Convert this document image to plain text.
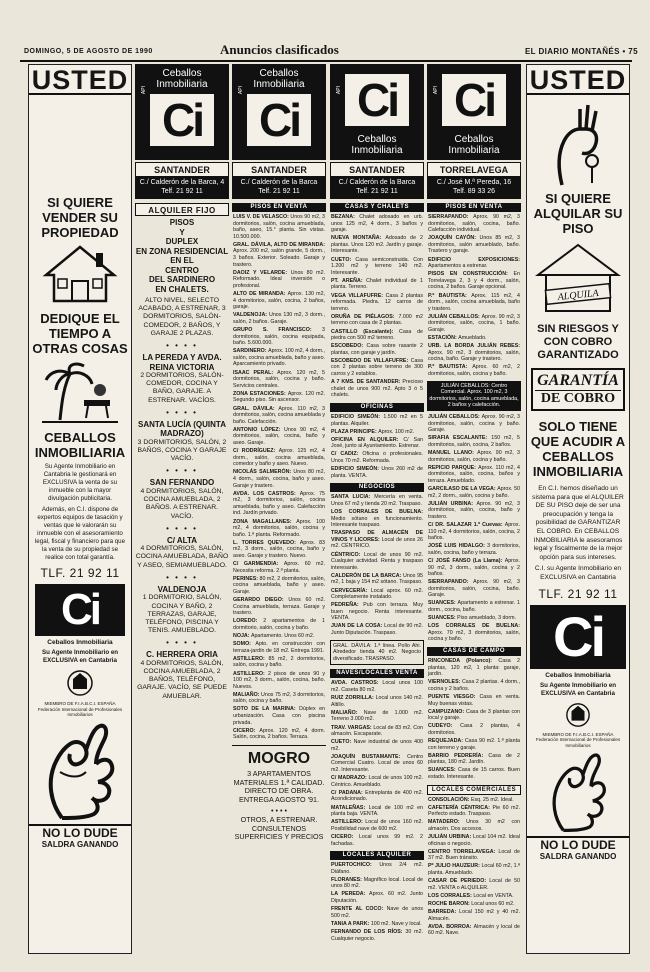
DOMINGO, 5 DE AGOSTO DE 1990	Anuncios clasificados	EL DIARIO MONTAÑÉS • 75
USTED
SI QUIERE VENDER SU PROPIEDAD
DEDIQUE EL TIEMPO A OTRAS COSAS
CEBALLOS INMOBILIARIA
Su Agente Inmobiliario en Cantabria le gestionará en EXCLUSIVA la venta de su inmueble con la mayor divulgación publicitaria.
Además, en C.I. dispone de expertos equipos de tasación y ventas que le valorarán su inmueble con el asesoramiento legal, fiscal y financiero para que la venta de su propiedad se realice con total garantía.
TLF. 21 92 11
Ci
Ceballos Inmobiliaria
Su Agente Inmobiliario en EXCLUSIVA en Cantabria
MIEMBRO DE F.I.A.B.C.I. ESPAÑA Federación Internacional de Profesionales Inmobiliarios
NO LO DUDE
SALDRA GANANDO
USTED
SI QUIERE ALQUILAR SU PISO
ALQUILA
SIN RIESGOS Y CON COBRO GARANTIZADO
GARANTÍA
DE COBRO
SOLO TIENE QUE ACUDIR A CEBALLOS INMOBILIARIA
En C.I. hemos diseñado un sistema para que el ALQUILER DE SU PISO deje de ser una preocupación y tenga la posibilidad de GARANTIZAR EL COBRO. En CEBALLOS INMOBILIARIA le asesoramos legal y fiscalmente de la mejor opción para sus intereses.
C.I. su Agente Inmobiliario en EXCLUSIVA en Cantabria
TLF. 21 92 11
Ci
Ceballos Inmobiliaria
Su Agente Inmobiliario en EXCLUSIVA en Cantabria
MIEMBRO DE F.I.A.B.C.I. ESPAÑA Federación Internacional de Profesionales Inmobiliarios
NO LO DUDE
SALDRA GANANDO
Ceballos
Inmobiliaria
Ci
API
SANTANDER
C./ Calderón de la Barca, 4 Telf. 21 92 11
ALQUILER FIJO
PISOS
Y
DUPLEX
EN ZONA RESIDENCIAL
EN EL
CENTRO
DEL SARDINERO
EN CHALETS.
ALTO NIVEL, SELECTO ACABADO, A ESTRENAR, 3 DORMITORIOS, SALÓN-COMEDOR, 2 BAÑOS, Y GARAJE 2 PLAZAS.
• • • •
LA PEREDA Y AVDA. REINA VICTORIA
2 DORMITORIOS, SALÓN-COMEDOR, COCINA Y BAÑO, GARAJE. A ESTRENAR. VACÍOS.
• • • •
SANTA LUCÍA (QUINTA MADRAZO)
3 DORMITORIOS, SALÓN, 2 BAÑOS, COCINA Y GARAJE VACÍO.
• • • •
SAN FERNANDO
4 DORMITORIOS, SALÓN, COCINA AMUEBLADA, 2 BAÑOS. A ESTRENAR. VACÍO.
• • • •
C/ ALTA
4 DORMITORIOS, SALÓN, COCINA AMUEBLADA, BAÑO Y ASEO, SEMIAMUEBLADO.
• • • •
VALDENOJA
1 DORMITORIO, SALÓN, COCINA Y BAÑO, 2 TERRAZAS, GARAJE, TELÉFONO, PISCINA Y TENIS. AMUEBLADO.
• • • •
C. HERRERA ORIA
4 DORMITORIOS, SALÓN, COCINA AMUEBLADA, 2 BAÑOS, TELÉFONO, GARAJE. VACÍO, SE PUEDE AMUEBLAR.
Ceballos
Inmobiliaria
Ci
API
SANTANDER
C./ Calderón de la Barca Telf. 21 92 11
PISOS EN VENTA

LUIS V. DE VELASCO: Unos 90 m2, 3 dormitorios, salón, cocina amueblada, baño, aseo, 15.° planta. Sin vistas. 10.500.000.

GRAL. DÁVILA, ALTO DE MIRANDA: Aprox. 200 m2, salón grande, 5 dorm., 3 baños. Exterior. Soleado. Garaje y trastero.

DAOIZ Y VELARDE: Unos 80 m2. Reformado. Ideal inversión o profesional.

ALTO DE MIRANDA: Aprox. 130 m2, 4 dormitorios, salón, cocina, 2 baños, garaje.

VALDENOJA: Unos 130 m2, 3 dorm., salón, 2 baños. Garaje.

GRUPO S. FRANCISCO: 3 dormitorios, salón, cocina equipada, baño. 5.600.000.

SARDINERO: Aprox. 100 m2, 4 dorm., salón, cocina amueblada, baño y aseo. Aparcamiento privado.

ISAAC PERAL: Aprox. 120 m2, 5 dormitorios, salón, cocina y baño. Servicios centrales.

ZONA ESTACIONES: Aprox. 120 m2. Segundo piso. Sin ascensor.

GRAL. DÁVILA: Aprox. 110 m2, 3 dormitorios, salón, cocina amueblada y baño. Calefacción.

ANTONIO LÓPEZ: Unos 90 m2, 4 dormitorios, salón, cocina, baño y aseo. Garaje.

C/ RODRÍGUEZ: Aprox. 125 m2, 4 dorm., salón, cocina amueblada, comedor y baño y aseo. Nuevo.

NICOLÁS SALMERÓN: Unos 80 m2, 4 dorm., salón, cocina, baño y aseo. Garaje y trastero.

AVDA. LOS CASTROS: Aprox. 75 m2, 3 dormitorios, salón, cocina amueblada, baño y aseo. Calefacción ind. Jardín privado.

ZONA MAGALLANES: Aprox. 100 m2, 4 dormitorios, salón, cocina y baño. 1.ª planta. Reformado.

L. TORRES QUEVEDO: Aprox. 83 m2, 3 dorm., salón, cocina, baño y aseo. Garaje y trastero. Nuevo.

C/ GARMENDIA: Aprox. 60 m2. Necesita reforma. 2.ª planta.

PERINES: 80 m2, 2 dormitorios, salón, cocina amueblada, baño y aseo. Garaje.

GERARDO DIEGO: Unos 60 m2. Cocina amueblada, terraza. Garaje y trastero.

LOREDO: 2 apartamentos de 1 dormitorio, salón, cocina y baño.

NOJA: Apartamento. Unos 60 m2.

SOMO: Apto. en construcción con terraza-jardín de 18 m2. Entrega 1991.

ASTILLERO: 85 m2, 2 dormitorios, salón, cocina y baño.

ASTILLERO: 2 pisos de unos 90 y 100 m2, 3 dorm., salón, cocina, baño. Nuevos.

MALIAÑO: Unos 75 m2, 3 dormitorios, salón, cocina y baño.

SOTO DE LA MARINA: Dúplex en urbanización. Casa con piscina privada.

CICERO: Aprox. 120 m2, 4 dorm. Salón, cocina, 2 baños. Terraza.

MOGRO
3 APARTAMENTOS MATERIALES 1.ª CALIDAD. DIRECTO DE OBRA. ENTREGA AGOSTO '91.
• • • •
OTROS, A ESTRENAR. CONSULTENOS SUPERFICIES Y PRECIOS
Ci
API
Ceballos
Inmobiliaria
SANTANDER
C./ Calderón de la Barca Telf. 21 92 11
CASAS Y CHALETS

BEZANA: Chalet adosado en urb. unos 125 m2, 4 dorm., 3 baños y garaje.

NUEVA MONTAÑA: Adosado de 2 plantas. Unos 120 m2. Jardín y garaje. Interesante.

CUETO: Casa semiconstruida. Con 1.200 m2 y terreno 140 m2. Interesante.

PT. AREÑA: Chalet individual de 1 planta. Terreno.

VEGA VILLAFUFRE: Casa 2 plantas reformada. Piedra. 12 carros de terreno.

ORUÑA DE PIÉLAGOS: 7.000 m2 terreno con casa de 2 plantas.

CASTILLO (Escalante): Casa de piedra con 500 m2 terreno.

ESCOBEDO: Casa sobre rasante 2 plantas, con garaje y jardín.

ESCOBEDO DE VILLAFUFRE: Casa con 2 plantas sobre terreno de 300 carros y 2 establos.

A 7 KMS. DE SANTANDER: Precioso chalet de unos 900 m2. Apto 3 ó 5 chalets.

OFICINAS

EDIFICIO SIMEÓN: 1.500 m2 en 5 plantas. Alquiler.

PLAZA PRINCIPE: Aprox. 100 m2.

OFICINA EN ALQUILER: C/ San José, junto al Ayuntamiento. Estrenar.

C/ CADIZ: Oficina o profesionales. Unos 70 m2. Reformada.

EDIFICIO SIMEÓN: Unos 260 m2 de planta. VENTA.

NEGOCIOS

SANTA LUCIA: Mercería en venta. Unos 67 m2 y tienda 20 m2. Traspaso.

LOS CORRALES DE BUELNA: Medio sótano en funcionamiento. Interesante traspaso.

TRASPASO DE ALMACÉN DE VINOS Y LICORES: Local de unos 26 m2. CÉNTRICO.

CÉNTRICO: Local de unos 90 m2. Cualquier actividad. Renta y traspaso interesante.

CALDERÓN DE LA BARCA: Unos 95 m2, 1 baja y 154 m2 sótano. Traspaso.

CERVECERÍA: Local aprox. 60 m2. Completamente instalado.

PEDREÑA: Pub con terraza. Muy buen negocio. Renta interesante. VENTA.

JUAN DE LA COSA: Local de 90 m2. Junto Diputación. Traspaso.

GRAL. DÁVILA: 1.ª línea. Pollo Ahi. Alrededor tienda 40 m2. Negocio diversificado. TRASPASO.
NAVES/LOCALES VENTA

AVDA. CASTROS: Local unos 100 m2. Caseta 80 m2.

RUIZ ZORRILLA: Local unos 140 m2. Altillo.

MALIAÑO: Nave de 1.000 m2. Terreno 3.000 m2.

TRAV. VARGAS: Local de 83 m2. Con almacén. Escaparate.

CUETO: Nave industrial de unos 400 m2.

JOAQUÍN BUSTAMANTE: Centro Comercial Cuatro. Local de unos 60 m2. Interesante.

C/ MADRAZO: Local de unos 100 m2. Céntrico. Amueblado.

C/ PADANA: Entreplanta de 400 m2. Acondicionado.

MATALEÑAS: Local de 100 m2 en planta baja. VENTA.

ASTILLERO: Local de unos 160 m2. Posibilidad nave de 600 m2.

CICERO: Local unos 99 m2. 2 fachadas.

LOCALES ALQUILER

PUERTOCHICO: Unos 2/4 m2. Diáfano.

FLORANES: Magnífico local. Local de unos 80 m2.

LA PEREDA: Aprox. 60 m2. Junto Diputación.

FRENTE AL COCO: Nave de unos 500 m2.

TANIA A PARK: 100 m2. Nave y local.

FERNANDO DE LOS RÍOS: 30 m2. Cualquier negocio.

Ci
API
Ceballos
Inmobiliaria
TORRELAVEGA
C./ José M.ª Pereda, 16 Telf. 89 33 26
PISOS EN VENTA

SIERRAPANDO: Aprox. 90 m2, 3 dormitorios, salón, cocina, baño. Calefacción individual.

JOAQUÍN CAYÓN: Unos 85 m2, 3 dormitorios, salón amueblado, baño. Trastero y garaje.

EDIFICIO EXPOSICIONES: Apartamentos a estrenar.

PISOS EN CONSTRUCCIÓN: En Torrelavega 2, 3 y 4 dorm., salón, cocina, 2 baños. Garaje opcional.

P.º BAUTISTA: Aprox. 115 m2, 4 dorm., salón, cocina amueblada, baño y trastero.

JULIÁN CEBALLOS: Aprox. 90 m2, 3 dormitorios, salón, cocina, 1 baño. Garaje.

ESTACIÓN: Amueblado.

URB. LA BORDA JULIÁN REBES: Aprox. 90 m2, 3 dormitorios, salón, cocina, baño. Garaje y trastero.

P.º BAUTISTA: Aprox. 60 m2, 2 dormitorios, salón, cocina y baño.

JULIÁN CEBALLOS: Centro Comercial. Aprox. 100 m2, 3 dormitorios, salón, cocina amueblada, 2 baños y calefacción.

JULIÁN CEBALLOS: Aprox. 90 m2, 3 dormitorios, salón, cocina y baño. Garaje.

SIRAFIA ESCALANTE: 150 m2, 5 dormitorios, salón, cocina, 2 baños.

MANUEL LLANO: Aprox. 90 m2, 3 dormitorios, salón, cocina y baño.

REPICIO PARQUE: Aprox. 110 m2, 4 dormitorios, salón, cocina, baños y terraza. Amueblado.

GARCILASO DE LA VEGA: Aprox. 50 m2, 2 dorm., salón, cocina y baño.

JULIÁN URBINA: Aprox. 90 m2, 3 dormitorios, salón, cocina, baño y trastero.

C/ DR. SALAZAR 1.º Cuevas: Aprox. 110 m2, 4 dormitorios, salón, cocina, 2 baños.

JOSÉ LUIS HIDALGO: 3 dormitorios, salón, cocina, baño y terraza.

C/ JOSÉ FANSO (La Llama): Aprox. 90 m2, 3 dorm., salón, cocina y 2 baños.

SIERRAPANDO: Aprox. 90 m2, 3 dormitorios, salón, cocina, baño. Garaje.

SUANCES: Apartamento a estrenar. 1 dorm., cocina, baño.

SUANCES: Piso amueblado, 3 dorm.

LOS CORRALES DE BUELNA: Aprox. 70 m2, 3 dormitorios, salón, cocina y baño.

CASAS DE CAMPO

RINCONEDA (Polanco): Casa 2 plantas, 120 m2, 1 planta: garaje, jardín.

VIERNOLES: Casa 2 plantas. 4 dorm., cocina y 2 baños.

PUENTE VIESGO: Casa en venta. Muy buenas vistas.

CAMPUZANO: Casa de 3 plantas con local y garaje.

CUDEYO: Casa 2 plantas, 4 dormitorios.

REQUEJADA: Casa 90 m2. 1.ª planta con terreno y garaje.

BARRIO PEDRERÍA: Casa de 2 plantas, 180 m2. Jardín.

SUANCES: Casa de 15 carros. Buen estado. Interesante.

LOCALES COMERCIALES

CONSOLACIÓN: Esq. 25 m2. Ideal.

CAFETERÍA CÉNTRICA: Pie 60 m2. Perfecto estado. Traspaso.

MATADERO: Unos 30 m2 con almacén. Dos accesos.

JULIÁN URBINA: Local 104 m2. Ideal oficinas o negocio.

CENTRO TORRELAVEGA: Local de 37 m2. Buen tránsito.

Pº JULIO HAUZEUR: Local 60 m2, 1.ª planta. Amueblado.

CASAR DE PERIEDO: Local de 50 m2. VENTA o ALQUILER.

LOS CORRALES: Local en VENTA.

ROCHE BARON: Local unos 60 m2.

BARREDA: Local 150 m2 y 40 m2. Almacén.

AVDA. BORROA: Almacén y local de 60 m2. Nave.
